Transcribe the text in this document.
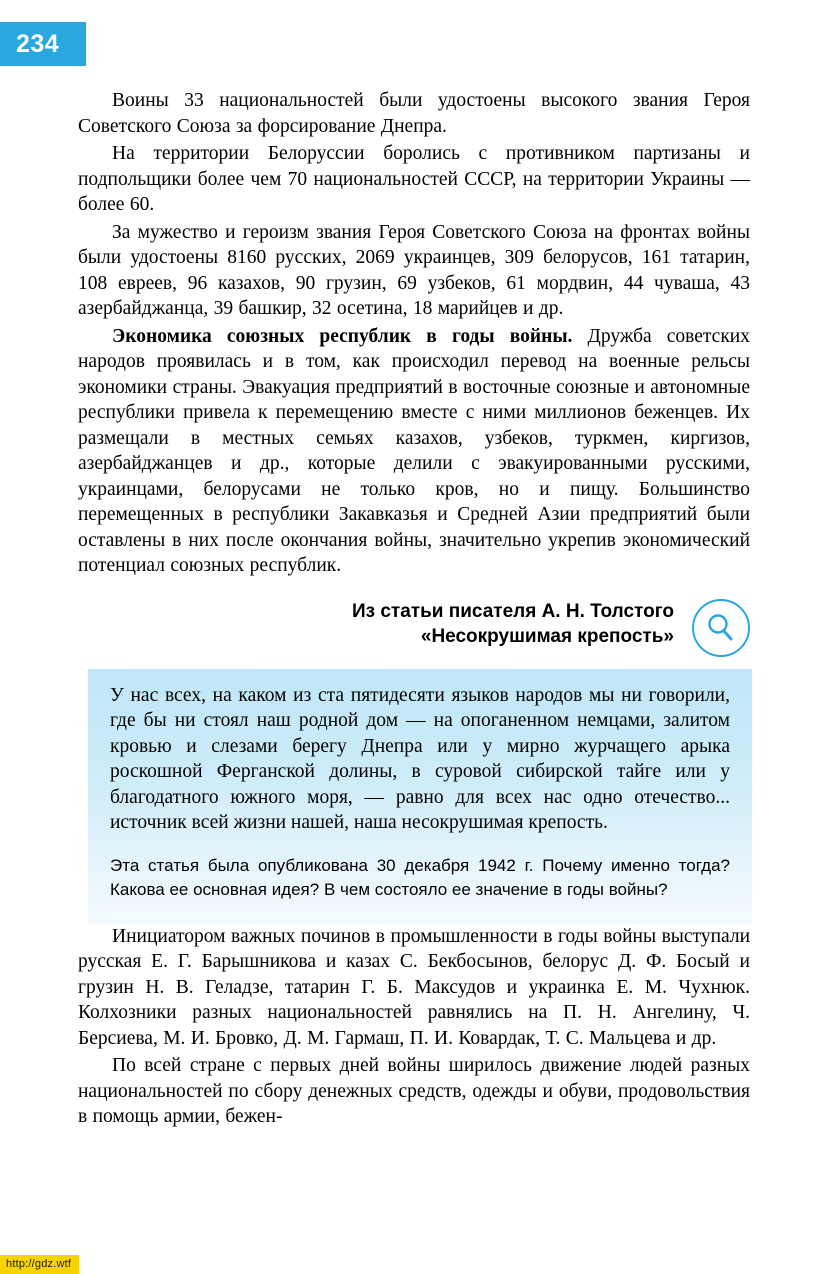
234

Воины 33 национальностей были удостоены высокого звания Героя Советского Союза за форсирование Днепра.

На территории Белоруссии боролись с противником партизаны и подпольщики более чем 70 национальностей СССР, на территории Украины — более 60.

За мужество и героизм звания Героя Советского Союза на фронтах войны были удостоены 8160 русских, 2069 украинцев, 309 белорусов, 161 татарин, 108 евреев, 96 казахов, 90 грузин, 69 узбеков, 61 мордвин, 44 чуваша, 43 азербайджанца, 39 башкир, 32 осетина, 18 марийцев и др.

Экономика союзных республик в годы войны. Дружба советских народов проявилась и в том, как происходил перевод на военные рельсы экономики страны. Эвакуация предприятий в восточные союзные и автономные республики привела к перемещению вместе с ними миллионов беженцев. Их размещали в местных семьях казахов, узбеков, туркмен, киргизов, азербайджанцев и др., которые делили с эвакуированными русскими, украинцами, белорусами не только кров, но и пищу. Большинство перемещенных в республики Закавказья и Средней Азии предприятий были оставлены в них после окончания войны, значительно укрепив экономический потенциал союзных республик.

Из статьи писателя А. Н. Толстого
«Несокрушимая крепость»

У нас всех, на каком из ста пятидесяти языков народов мы ни говорили, где бы ни стоял наш родной дом — на опоганенном немцами, залитом кровью и слезами берегу Днепра или у мирно журчащего арыка роскошной Ферганской долины, в суровой сибирской тайге или у благодатного южного моря, — равно для всех нас одно отечество... источник всей жизни нашей, наша несокрушимая крепость.

Эта статья была опубликована 30 декабря 1942 г. Почему именно тогда? Какова ее основная идея? В чем состояло ее значение в годы войны?

Инициатором важных починов в промышленности в годы войны выступали русская Е. Г. Барышникова и казах С. Бекбосынов, белорус Д. Ф. Босый и грузин Н. В. Геладзе, татарин Г. Б. Максудов и украинка Е. М. Чухнюк. Колхозники разных национальностей равнялись на П. Н. Ангелину, Ч. Берсиева, М. И. Бровко, Д. М. Гармаш, П. И. Ковардак, Т. С. Мальцева и др.

По всей стране с первых дней войны ширилось движение людей разных национальностей по сбору денежных средств, одежды и обуви, продовольствия в помощь армии, бежен-

http://gdz.wtf
